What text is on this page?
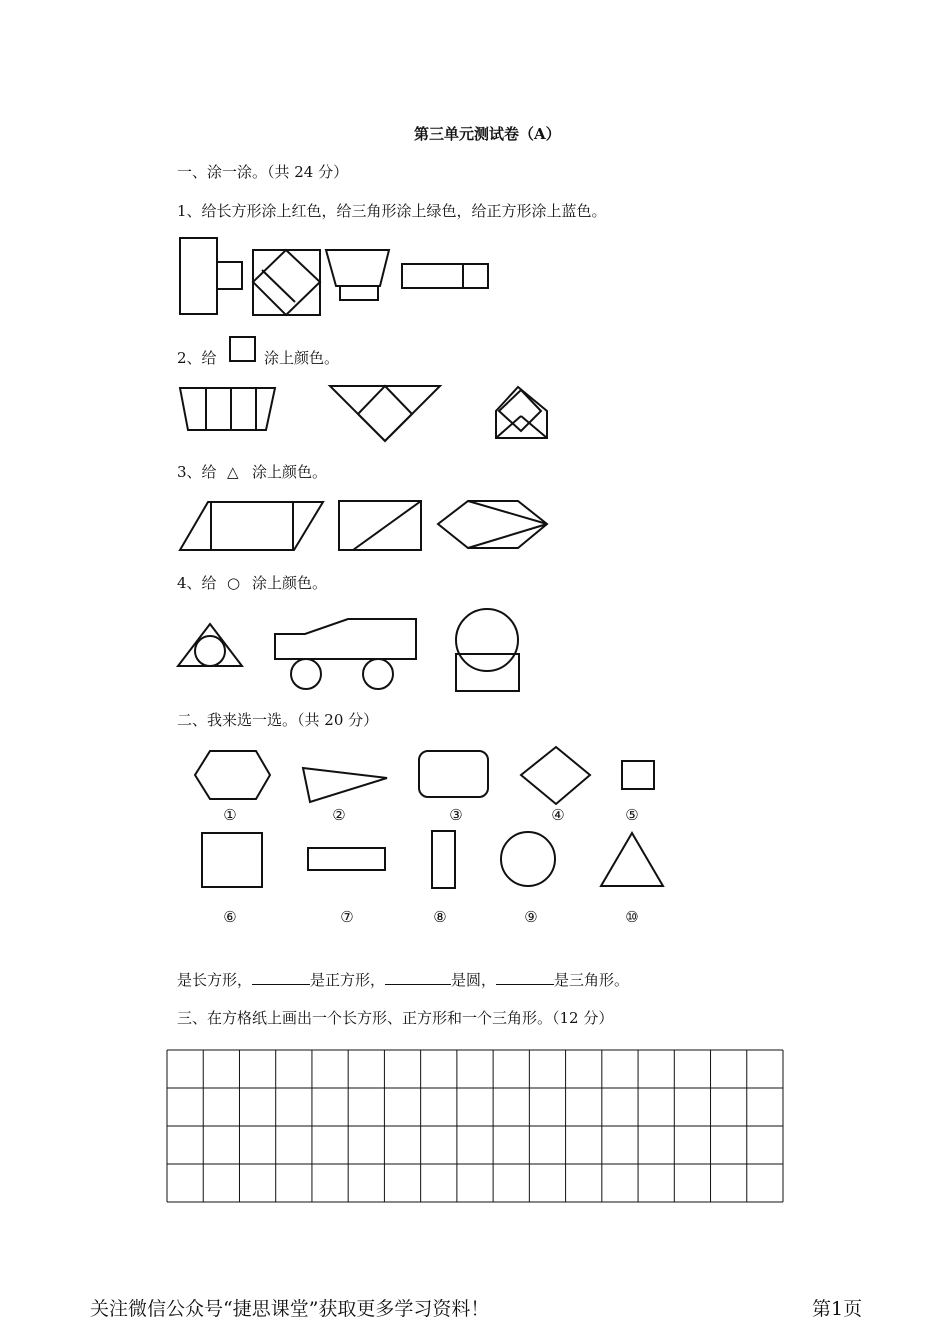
第三单元测试卷（A）
一、涂一涂。（共 24 分）
1、给长方形涂上红色，给三角形涂上绿色，给正方形涂上蓝色。
2、给	涂上颜色。
3、给 △ 涂上颜色。
4、给 ○ 涂上颜色。
二、我来选一选。（共 20 分）
①	②	③	④	⑤
⑥	⑦	⑧	⑨	⑩
是长方形，	是正方形，	是圆，	是三角形。
三、在方格纸上画出一个长方形、正方形和一个三角形。（12 分）
关注微信公众号“捷思课堂”获取更多学习资料！	第1页
